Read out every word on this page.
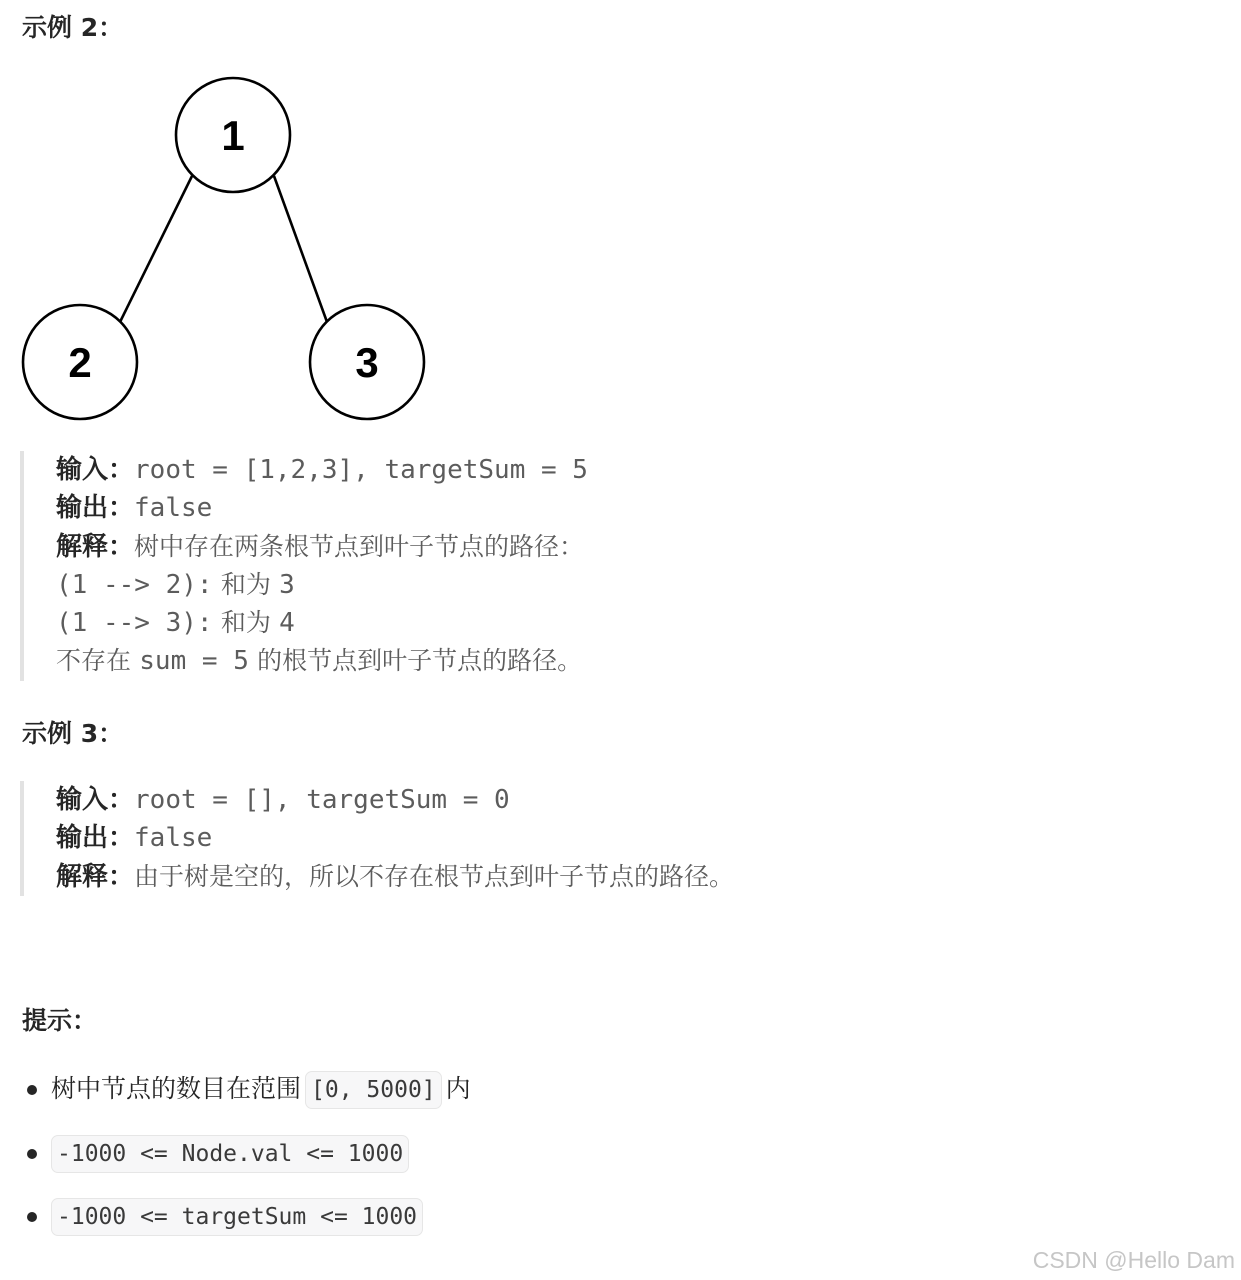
示例 2：
1
2	3
输入：root = [1,2,3], targetSum = 5
输出：false
解释：树中存在两条根节点到叶子节点的路径：
(1 --> 2): 和为 3
(1 --> 3): 和为 4
不存在 sum = 5 的根节点到叶子节点的路径。
示例 3：
输入：root = [], targetSum = 0
输出：false
解释：由于树是空的，所以不存在根节点到叶子节点的路径。
提示：
树中节点的数目在范围 [0, 5000] 内
-1000 <= Node.val <= 1000
-1000 <= targetSum <= 1000
CSDN @Hello Dam
